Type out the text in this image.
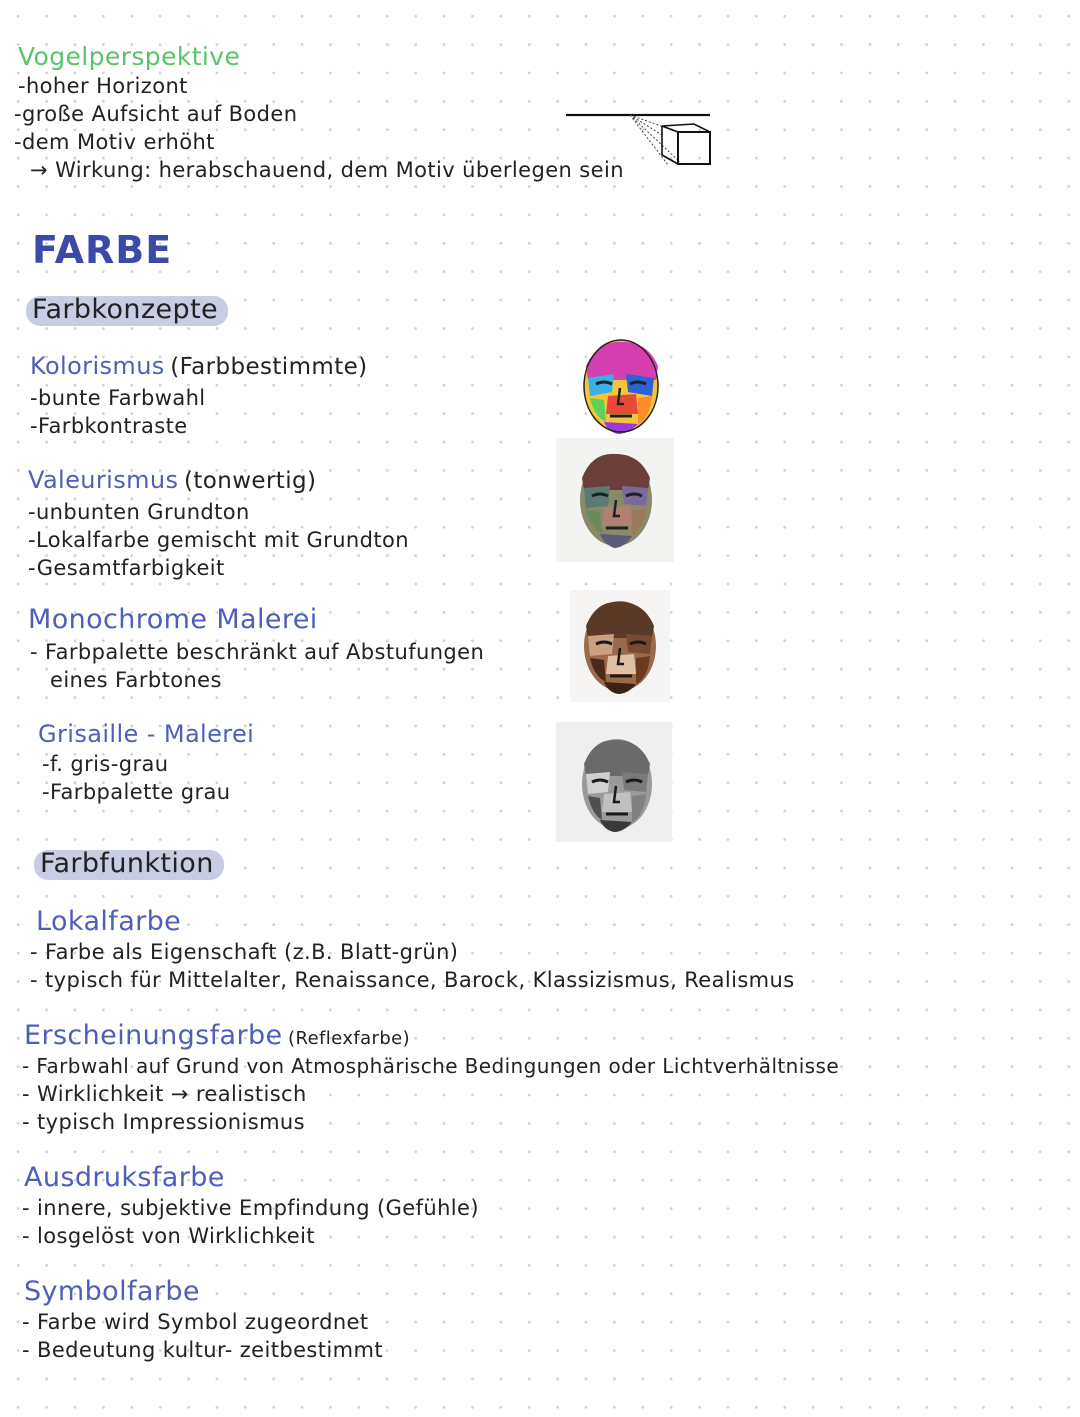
Vogelperspektive
-hoher Horizont
-große Aufsicht auf Boden
-dem Motiv erhöht
→ Wirkung: herabschauend, dem Motiv überlegen sein
FARBE
Farbkonzepte
Kolorismus (Farbbestimmte)
-bunte Farbwahl
-Farbkontraste
Valeurismus (tonwertig)
-unbunten Grundton
-Lokalfarbe gemischt mit Grundton
-Gesamtfarbigkeit
Monochrome Malerei
- Farbpalette beschränkt auf Abstufungen
eines Farbtones
Grisaille - Malerei
-f. gris-grau
-Farbpalette grau
Farbfunktion
Lokalfarbe
- Farbe als Eigenschaft (z.B. Blatt-grün)
- typisch für Mittelalter, Renaissance, Barock, Klassizismus, Realismus
Erscheinungsfarbe (Reflexfarbe)
- Farbwahl auf Grund von Atmosphärische Bedingungen oder Lichtverhältnisse
- Wirklichkeit → realistisch
- typisch Impressionismus
Ausdruksfarbe
- innere, subjektive Empfindung (Gefühle)
- losgelöst von Wirklichkeit
Symbolfarbe
- Farbe wird Symbol zugeordnet
- Bedeutung kultur- zeitbestimmt
